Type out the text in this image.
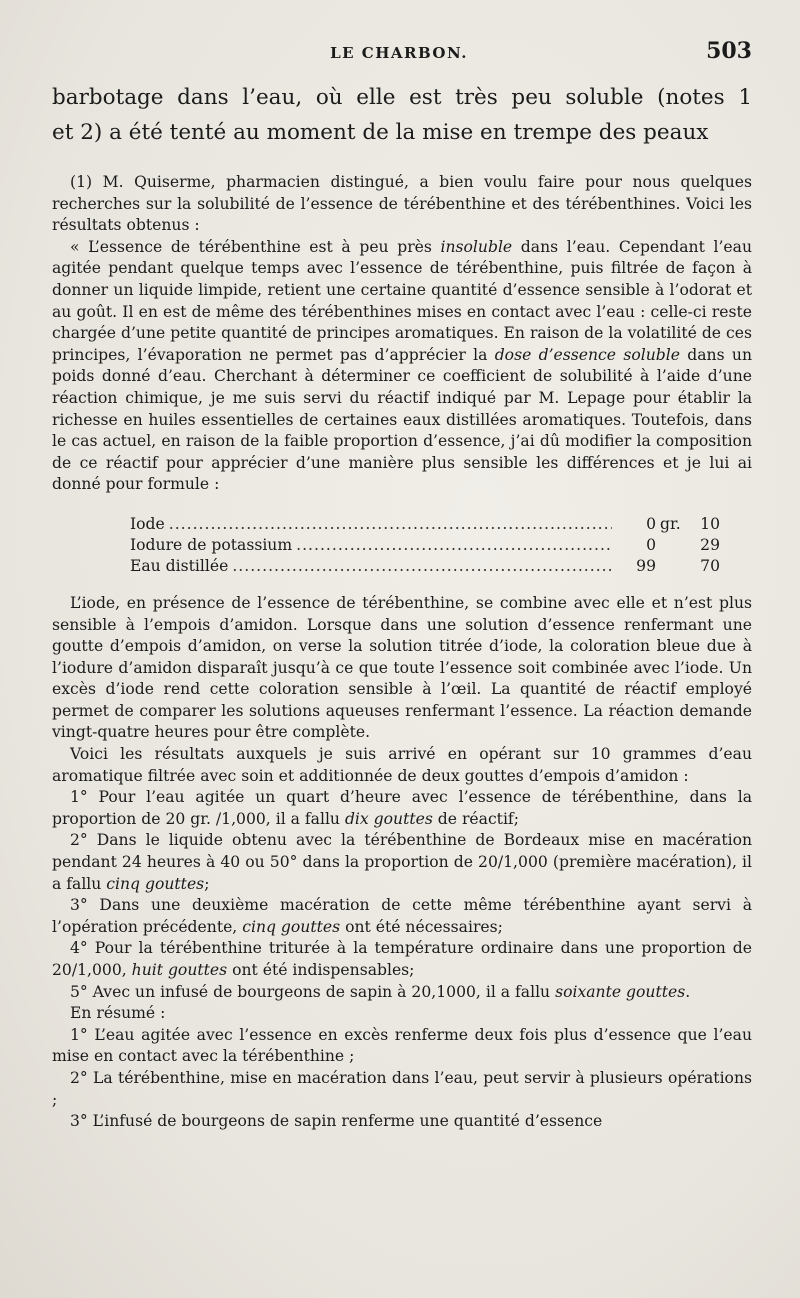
LE CHARBON.	503
barbotage dans l’eau, où elle est très peu soluble (notes 1
et 2) a été tenté au moment de la mise en trempe des peaux

(1) M. Quiserme, pharmacien distingué, a bien voulu faire pour nous quelques recherches sur la solubilité de l’essence de térébenthine et des térébenthines. Voici les résultats obtenus :

« L’essence de térébenthine est à peu près insoluble dans l’eau. Cependant l’eau agitée pendant quelque temps avec l’essence de térébenthine, puis filtrée de façon à donner un liquide limpide, retient une certaine quantité d’essence sensible à l’odorat et au goût. Il en est de même des térébenthines mises en contact avec l’eau : celle-ci reste chargée d’une petite quantité de principes aromatiques. En raison de la volatilité de ces principes, l’évaporation ne permet pas d’apprécier la dose d’essence soluble dans un poids donné d’eau. Cherchant à déterminer ce coefficient de solubilité à l’aide d’une réaction chimique, je me suis servi du réactif indiqué par M. Lepage pour établir la richesse en huiles essentielles de certaines eaux distillées aromatiques. Toutefois, dans le cas actuel, en raison de la faible proportion d’essence, j’ai dû modifier la composition de ce réactif pour apprécier d’une manière plus sensible les différences et je lui ai donné pour formule :

Iode .....	0 gr.	10
Iodure de potassium .....	0	29
Eau distillée .....	99	70

L’iode, en présence de l’essence de térébenthine, se combine avec elle et n’est plus sensible à l’empois d’amidon. Lorsque dans une solution d’essence renfermant une goutte d’empois d’amidon, on verse la solution titrée d’iode, la coloration bleue due à l’iodure d’amidon disparaît jusqu’à ce que toute l’essence soit combinée avec l’iode. Un excès d’iode rend cette coloration sensible à l’œil. La quantité de réactif employé permet de comparer les solutions aqueuses renfermant l’essence. La réaction demande vingt-quatre heures pour être complète.

Voici les résultats auxquels je suis arrivé en opérant sur 10 grammes d’eau aromatique filtrée avec soin et additionnée de deux gouttes d’empois d’amidon :

1° Pour l’eau agitée un quart d’heure avec l’essence de térébenthine, dans la proportion de 20 gr. /1,000, il a fallu dix gouttes de réactif;

2° Dans le liquide obtenu avec la térébenthine de Bordeaux mise en macération pendant 24 heures à 40 ou 50° dans la proportion de 20/1,000 (première macération), il a fallu cinq gouttes;

3° Dans une deuxième macération de cette même térébenthine ayant servi à l’opération précédente, cinq gouttes ont été nécessaires;

4° Pour la térébenthine triturée à la température ordinaire dans une proportion de 20/1,000, huit gouttes ont été indispensables;

5° Avec un infusé de bourgeons de sapin à 20,1000, il a fallu soixante gouttes.

En résumé :

1° L’eau agitée avec l’essence en excès renferme deux fois plus d’essence que l’eau mise en contact avec la térébenthine ;

2° La térébenthine, mise en macération dans l’eau, peut servir à plusieurs opérations ;

3° L’infusé de bourgeons de sapin renferme une quantité d’essence
